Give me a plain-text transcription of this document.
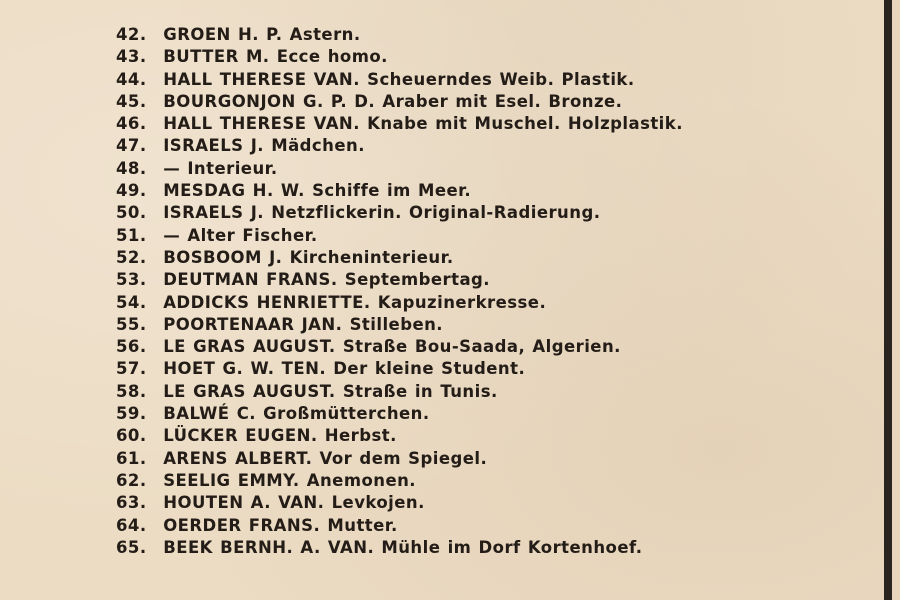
42. GROEN H. P. Astern.
43. BUTTER M. Ecce homo.
44. HALL THERESE VAN. Scheuerndes Weib. Plastik.
45. BOURGONJON G. P. D. Araber mit Esel. Bronze.
46. HALL THERESE VAN. Knabe mit Muschel. Holzplastik.
47. ISRAELS J. Mädchen.
48. — Interieur.
49. MESDAG H. W. Schiffe im Meer.
50. ISRAELS J. Netzflickerin. Original-Radierung.
51. — Alter Fischer.
52. BOSBOOM J. Kircheninterieur.
53. DEUTMAN FRANS. Septembertag.
54. ADDICKS HENRIETTE. Kapuzinerkresse.
55. POORTENAAR JAN. Stilleben.
56. LE GRAS AUGUST. Straße Bou-Saada, Algerien.
57. HOET G. W. TEN. Der kleine Student.
58. LE GRAS AUGUST. Straße in Tunis.
59. BALWÉ C. Großmütterchen.
60. LÜCKER EUGEN. Herbst.
61. ARENS ALBERT. Vor dem Spiegel.
62. SEELIG EMMY. Anemonen.
63. HOUTEN A. VAN. Levkojen.
64. OERDER FRANS. Mutter.
65. BEEK BERNH. A. VAN. Mühle im Dorf Kortenhoef.
